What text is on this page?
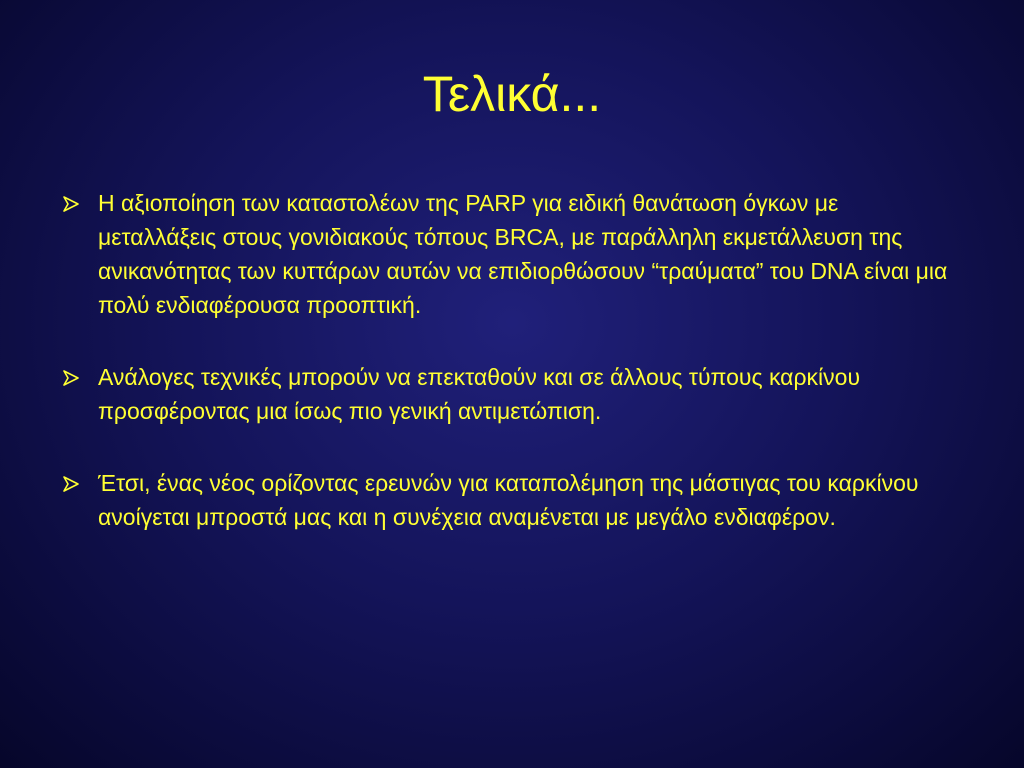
Τελικά...
Η αξιοποίηση των καταστολέων της PARP για ειδική θανάτωση όγκων με μεταλλάξεις στους γονιδιακούς τόπους BRCA, με παράλληλη εκμετάλλευση της ανικανότητας των κυττάρων αυτών να επιδιορθώσουν “τραύματα” του DNA είναι μια πολύ ενδιαφέρουσα προοπτική.
Ανάλογες τεχνικές μπορούν να επεκταθούν και σε άλλους τύπους καρκίνου προσφέροντας μια ίσως πιο γενική αντιμετώπιση.
Έτσι, ένας νέος ορίζοντας ερευνών για καταπολέμηση της μάστιγας του καρκίνου ανοίγεται μπροστά μας και η συνέχεια αναμένεται με μεγάλο ενδιαφέρον.
